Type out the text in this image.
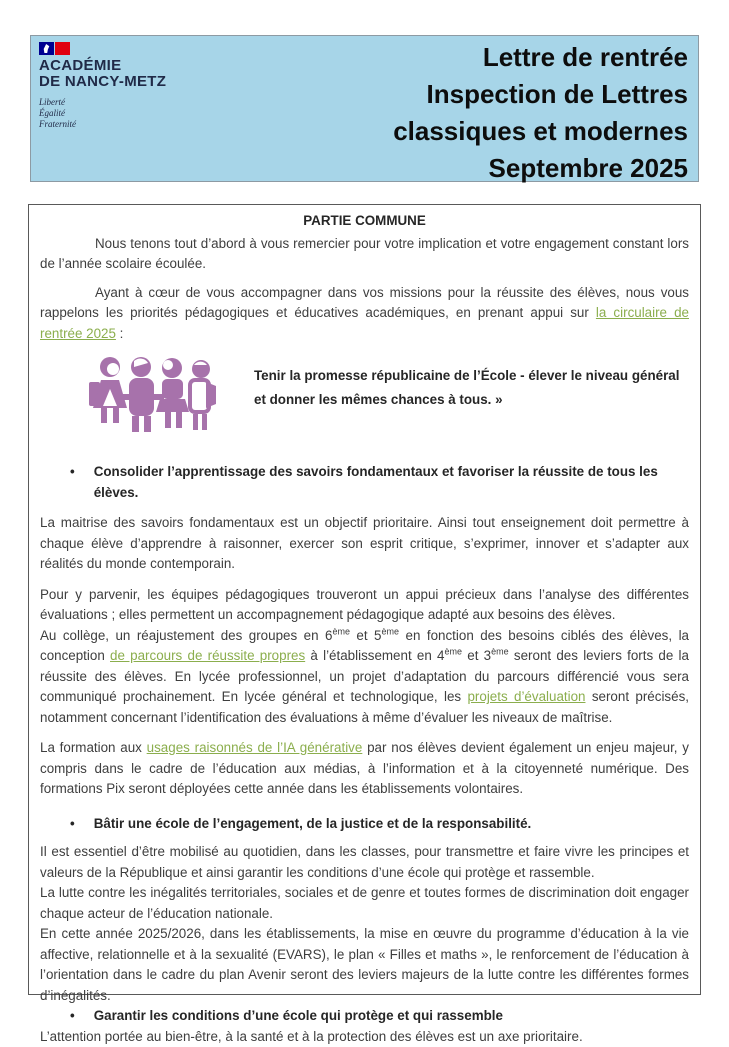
ACADÉMIE
DE NANCY-METZ
Liberté
Égalité
Fraternité
Lettre de rentrée
Inspection de Lettres
classiques et modernes
Septembre 2025

PARTIE COMMUNE

Nous tenons tout d’abord à vous remercier pour votre implication et votre engagement constant lors de l’année scolaire écoulée.

Ayant à cœur de vous accompagner dans vos missions pour la réussite des élèves, nous vous rappelons les priorités pédagogiques et éducatives académiques, en prenant appui sur la circulaire de rentrée 2025 :

Tenir la promesse républicaine de l’École - élever le niveau général et donner les mêmes chances à tous. »
• Consolider l’apprentissage des savoirs fondamentaux et favoriser la réussite de tous les élèves.

La maitrise des savoirs fondamentaux est un objectif prioritaire. Ainsi tout enseignement doit permettre à chaque élève d’apprendre à raisonner, exercer son esprit critique, s’exprimer, innover et s’adapter aux réalités du monde contemporain.

Pour y parvenir, les équipes pédagogiques trouveront un appui précieux dans l’analyse des différentes évaluations ; elles permettent un accompagnement pédagogique adapté aux besoins des élèves.

Au collège, un réajustement des groupes en 6ème et 5ème en fonction des besoins ciblés des élèves, la conception de parcours de réussite propres à l’établissement en 4ème et 3ème seront des leviers forts de la réussite des élèves. En lycée professionnel, un projet d’adaptation du parcours différencié vous sera communiqué prochainement. En lycée général et technologique, les projets d’évaluation seront précisés, notamment concernant l’identification des évaluations à même d’évaluer les niveaux de maîtrise.

La formation aux usages raisonnés de l’IA générative par nos élèves devient également un enjeu majeur, y compris dans le cadre de l’éducation aux médias, à l’information et à la citoyenneté numérique. Des formations Pix seront déployées cette année dans les établissements volontaires.

• Bâtir une école de l’engagement, de la justice et de la responsabilité.

Il est essentiel d’être mobilisé au quotidien, dans les classes, pour transmettre et faire vivre les principes et valeurs de la République et ainsi garantir les conditions d’une école qui protège et rassemble.

La lutte contre les inégalités territoriales, sociales et de genre et toutes formes de discrimination doit engager chaque acteur de l’éducation nationale.

En cette année 2025/2026, dans les établissements, la mise en œuvre du programme d’éducation à la vie affective, relationnelle et à la sexualité (EVARS), le plan « Filles et maths », le renforcement de l’éducation à l’orientation dans le cadre du plan Avenir seront des leviers majeurs de la lutte contre les différentes formes d’inégalités.

• Garantir les conditions d’une école qui protège et qui rassemble

L’attention portée au bien-être, à la santé et à la protection des élèves est un axe prioritaire.
